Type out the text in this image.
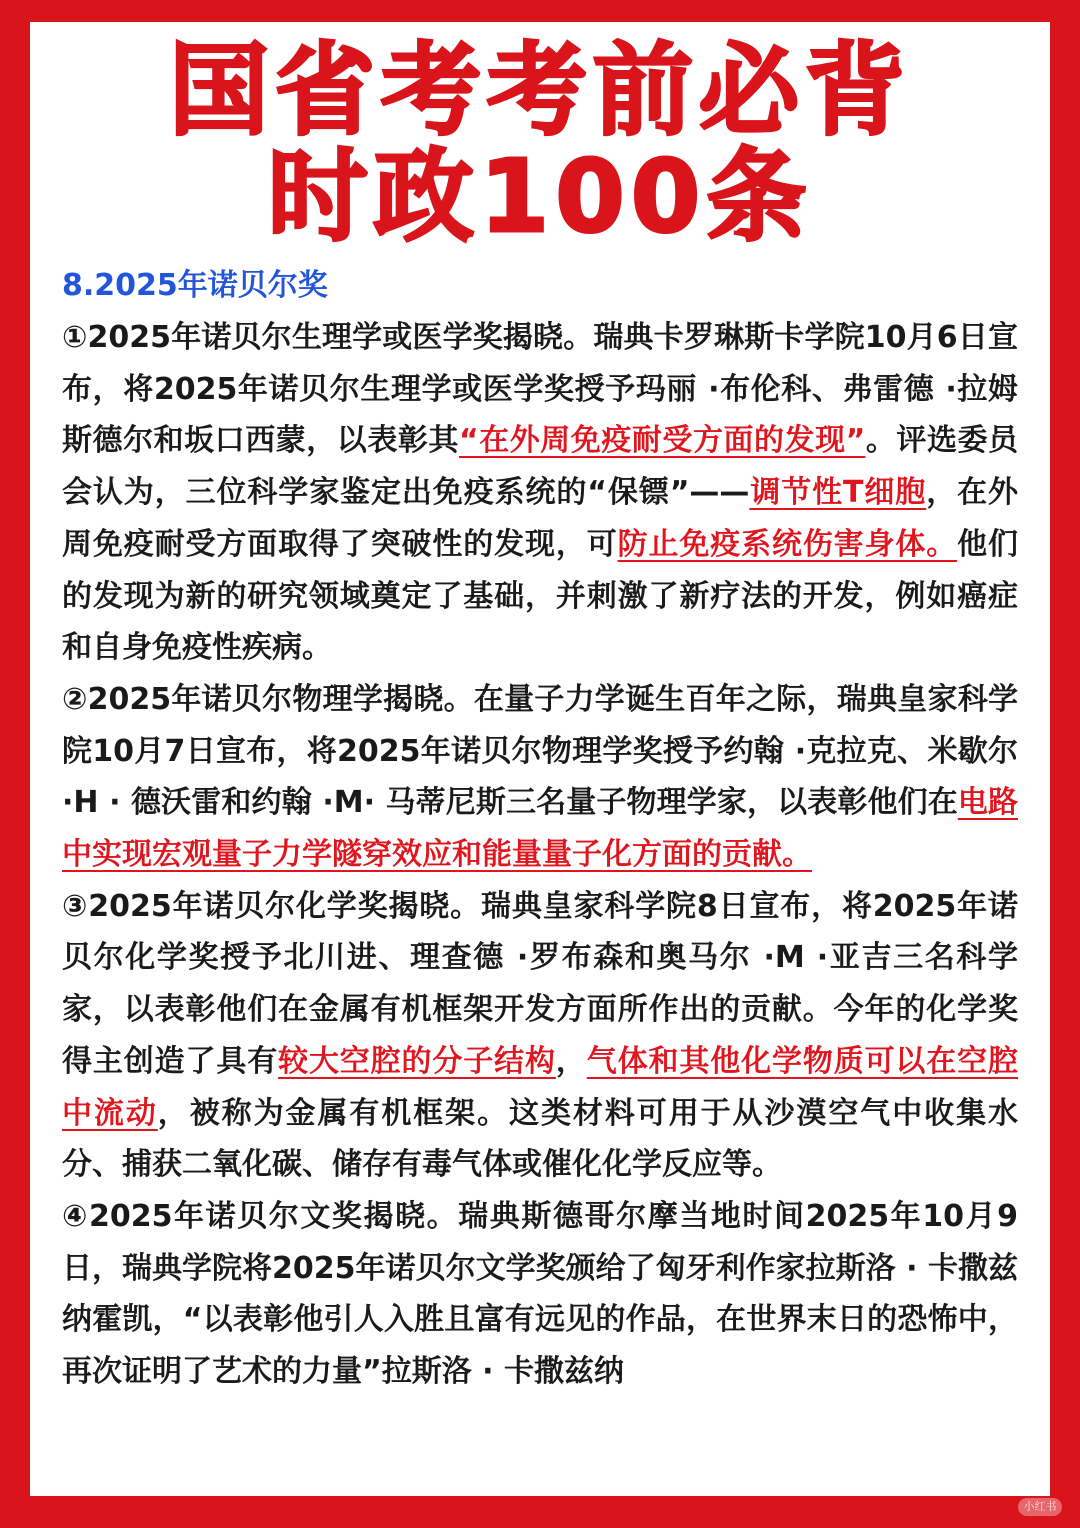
国省考考前必背
时政100条
8.2025年诺贝尔奖

①2025年诺贝尔生理学或医学奖揭晓。瑞典卡罗琳斯卡学院10月6日宣布，将2025年诺贝尔生理学或医学奖授予玛丽 ·布伦科、弗雷德 ·拉姆斯德尔和坂口西蒙，以表彰其“在外周免疫耐受方面的发现”。评选委员会认为，三位科学家鉴定出免疫系统的“保镖”——调节性T细胞，在外周免疫耐受方面取得了突破性的发现，可防止免疫系统伤害身体。他们的发现为新的研究领域奠定了基础，并刺激了新疗法的开发，例如癌症和自身免疫性疾病。

②2025年诺贝尔物理学揭晓。在量子力学诞生百年之际，瑞典皇家科学院10月7日宣布，将2025年诺贝尔物理学奖授予约翰 ·克拉克、米歇尔 ·H · 德沃雷和约翰 ·M· 马蒂尼斯三名量子物理学家，以表彰他们在电路中实现宏观量子力学隧穿效应和能量量子化方面的贡献。

③2025年诺贝尔化学奖揭晓。瑞典皇家科学院8日宣布，将2025年诺贝尔化学奖授予北川进、理查德 ·罗布森和奥马尔 ·M ·亚吉三名科学家，以表彰他们在金属有机框架开发方面所作出的贡献。今年的化学奖得主创造了具有较大空腔的分子结构，气体和其他化学物质可以在空腔中流动，被称为金属有机框架。这类材料可用于从沙漠空气中收集水分、捕获二氧化碳、储存有毒气体或催化化学反应等。

④2025年诺贝尔文奖揭晓。瑞典斯德哥尔摩当地时间2025年10月9日，瑞典学院将2025年诺贝尔文学奖颁给了匈牙利作家拉斯洛 · 卡撒兹纳霍凯，“以表彰他引人入胜且富有远见的作品，在世界末日的恐怖中，再次证明了艺术的力量”拉斯洛 · 卡撒兹纳

小红书
